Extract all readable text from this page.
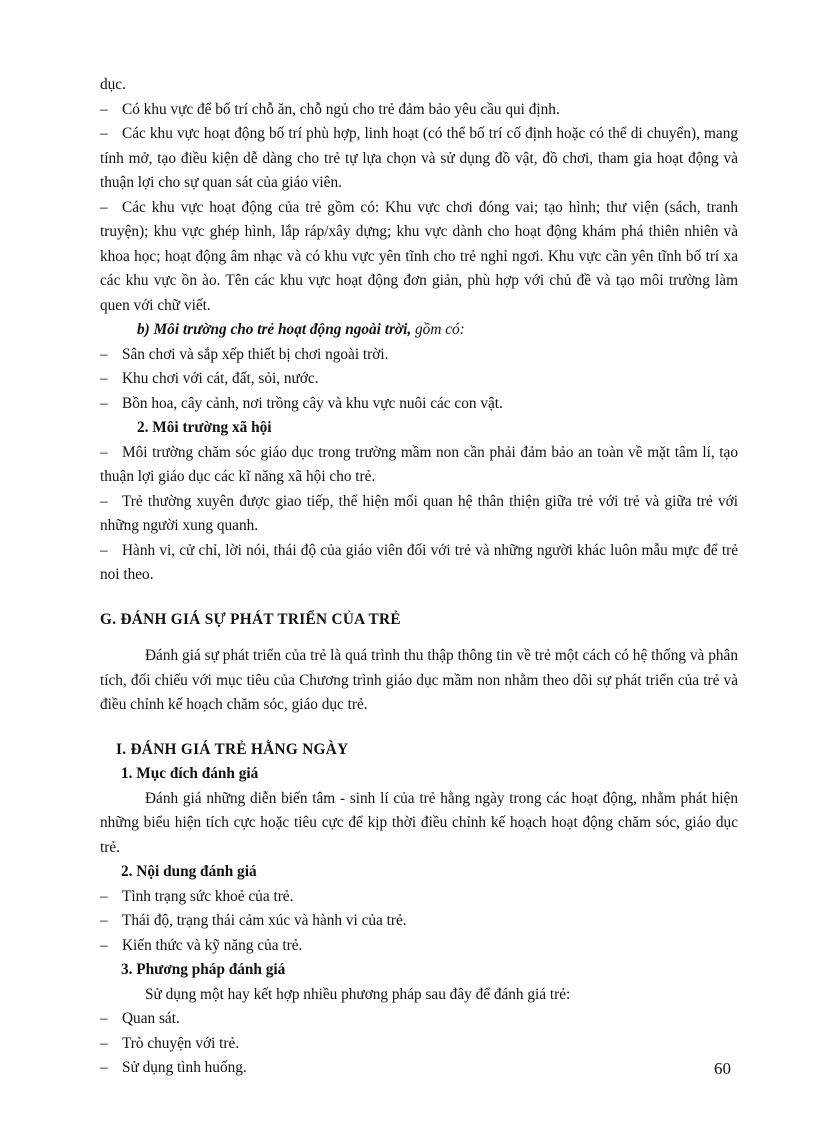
dục.

– Có khu vực để bố trí chỗ ăn, chỗ ngủ cho trẻ đảm bảo yêu cầu qui định.

– Các khu vực hoạt động bố trí phù hợp, linh hoạt (có thể bố trí cố định hoặc có thể di chuyển), mang tính mở, tạo điều kiện dễ dàng cho trẻ tự lựa chọn và sử dụng đồ vật, đồ chơi, tham gia hoạt động và thuận lợi cho sự quan sát của giáo viên.

– Các khu vực hoạt động của trẻ gồm có: Khu vực chơi đóng vai; tạo hình; thư viện (sách, tranh truyện); khu vực ghép hình, lắp ráp/xây dựng; khu vực dành cho hoạt động khám phá thiên nhiên và khoa học; hoạt động âm nhạc và có khu vực yên tĩnh cho trẻ nghỉ ngơi. Khu vực cần yên tĩnh bố trí xa các khu vực ồn ào. Tên các khu vực hoạt động đơn giản, phù hợp với chủ đề và tạo môi trường làm quen với chữ viết.

b) Môi trường cho trẻ hoạt động ngoài trời, gồm có:

– Sân chơi và sắp xếp thiết bị chơi ngoài trời.

– Khu chơi với cát, đất, sỏi, nước.

– Bồn hoa, cây cảnh, nơi trồng cây và khu vực nuôi các con vật.

2. Môi trường xã hội

– Môi trường chăm sóc giáo dục trong trường mầm non cần phải đảm bảo an toàn về mặt tâm lí, tạo thuận lợi giáo dục các kĩ năng xã hội cho trẻ.

– Trẻ thường xuyên được giao tiếp, thể hiện mối quan hệ thân thiện giữa trẻ với trẻ và giữa trẻ với những người xung quanh.

– Hành vi, cử chỉ, lời nói, thái độ của giáo viên đối với trẻ và những người khác luôn mẫu mực để trẻ noi theo.

G. ĐÁNH GIÁ SỰ PHÁT TRIỂN CỦA TRẺ

Đánh giá sự phát triển của trẻ là quá trình thu thập thông tin về trẻ một cách có hệ thống và phân tích, đối chiếu với mục tiêu của Chương trình giáo dục mầm non nhằm theo dõi sự phát triển của trẻ và điều chỉnh kế hoạch chăm sóc, giáo dục trẻ.

I. ĐÁNH GIÁ TRẺ HẰNG NGÀY

1. Mục đích đánh giá

Đánh giá những diễn biến tâm - sinh lí của trẻ hằng ngày trong các hoạt động, nhằm phát hiện những biểu hiện tích cực hoặc tiêu cực để kịp thời điều chỉnh kế hoạch hoạt động chăm sóc, giáo dục trẻ.

2. Nội dung đánh giá

– Tình trạng sức khoẻ của trẻ.

– Thái độ, trạng thái cảm xúc và hành vi của trẻ.

– Kiến thức và kỹ năng của trẻ.

3. Phương pháp đánh giá

Sử dụng một hay kết hợp nhiều phương pháp sau đây để đánh giá trẻ:

– Quan sát.

– Trò chuyện với trẻ.

– Sử dụng tình huống.	60
